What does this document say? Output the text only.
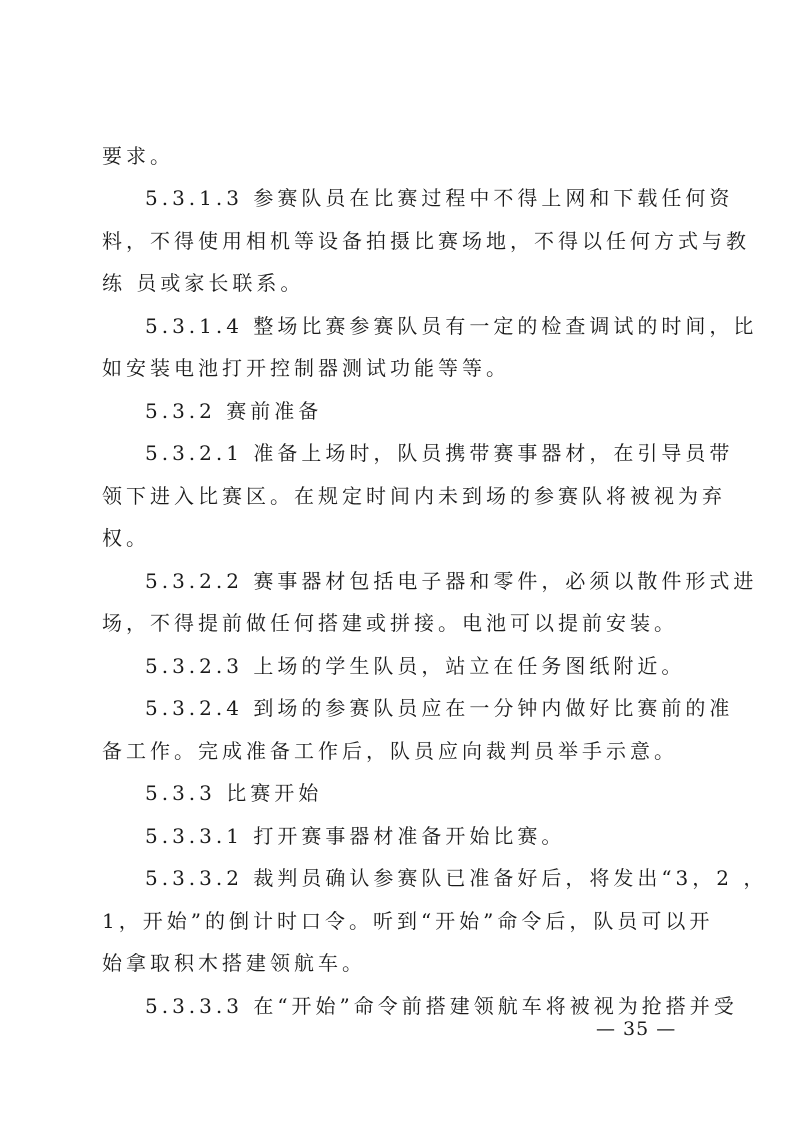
要求。
5.3.1.3 参赛队员在比赛过程中不得上网和下载任何资
料，不得使用相机等设备拍摄比赛场地，不得以任何方式与教
练 员或家长联系。
5.3.1.4 整场比赛参赛队员有一定的检查调试的时间，比
如安装电池打开控制器测试功能等等。
5.3.2 赛前准备
5.3.2.1 准备上场时，队员携带赛事器材，在引导员带
领下进入比赛区。在规定时间内未到场的参赛队将被视为弃
权。
5.3.2.2 赛事器材包括电子器和零件，必须以散件形式进
场，不得提前做任何搭建或拼接。电池可以提前安装。
5.3.2.3 上场的学生队员，站立在任务图纸附近。
5.3.2.4 到场的参赛队员应在一分钟内做好比赛前的准
备工作。完成准备工作后，队员应向裁判员举手示意。
5.3.3 比赛开始
5.3.3.1 打开赛事器材准备开始比赛。
5.3.3.2 裁判员确认参赛队已准备好后，将发出“3，2 ，
1，开始”的倒计时口令。听到“开始”命令后，队员可以开
始拿取积木搭建领航车。
5.3.3.3 在“开始”命令前搭建领航车将被视为抢搭并受
— 35 —
